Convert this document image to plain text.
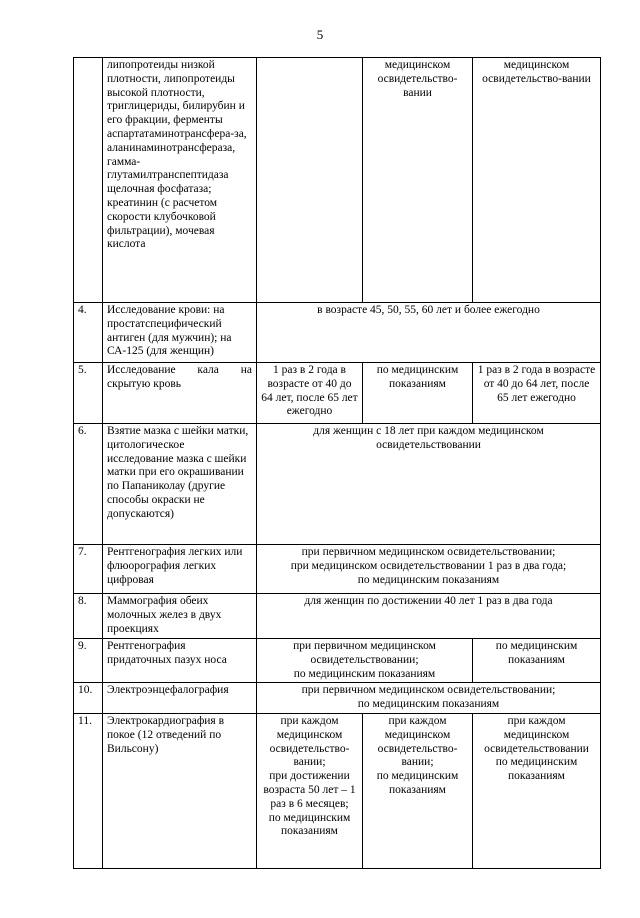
5
	липопротеиды низкой плотности, липопротеиды высокой плотности, триглицериды, билирубин и его фракции, ферменты аспартатаминотрансфера-за, аланинаминотрансфераза, гамма-глутамилтранспептидаза щелочная фосфатаза; креатинин (с расчетом скорости клубочковой фильтрации), мочевая кислота		медицинском освидетельство-вании	медицинском освидетельство-вании
4.	Исследование крови: на простатспецифический антиген (для мужчин); на СА-125 (для женщин)	в возрасте 45, 50, 55, 60 лет и более ежегодно		
5.	Исследование кала на скрытую кровь	1 раз в 2 года в возрасте от 40 до 64 лет, после 65 лет ежегодно	по медицинским показаниям	1 раз в 2 года в возрасте от 40 до 64 лет, после 65 лет ежегодно
6.	Взятие мазка с шейки матки, цитологическое исследование мазка с шейки матки при его окрашивании по Папаниколау (другие способы окраски не допускаются)	для женщин с 18 лет при каждом медицинском освидетельствовании		
7.	Рентгенография легких или флюорография легких цифровая	при первичном медицинском освидетельствовании;
при медицинском освидетельствовании 1 раз в два года;
по медицинским показаниям		

8.	Маммография обеих молочных желез в двух проекциях	для женщин по достижении 40 лет 1 раз в два года		
9.	Рентгенография придаточных пазух носа	при первичном медицинском освидетельствовании;
по медицинским показаниям		по медицинским показаниям
10.	Электроэнцефалография	при первичном медицинском освидетельствовании;
по медицинским показаниям		

11.	Электрокардиография в покое (12 отведений по Вильсону)	при каждом медицинском освидетельство-вании;
при достижении возраста 50 лет – 1 раз в 6 месяцев;
по медицинским показаниям	при каждом медицинском освидетельство-вании;
по медицинским показаниям	при каждом медицинском освидетельствовании
по медицинским показаниям
